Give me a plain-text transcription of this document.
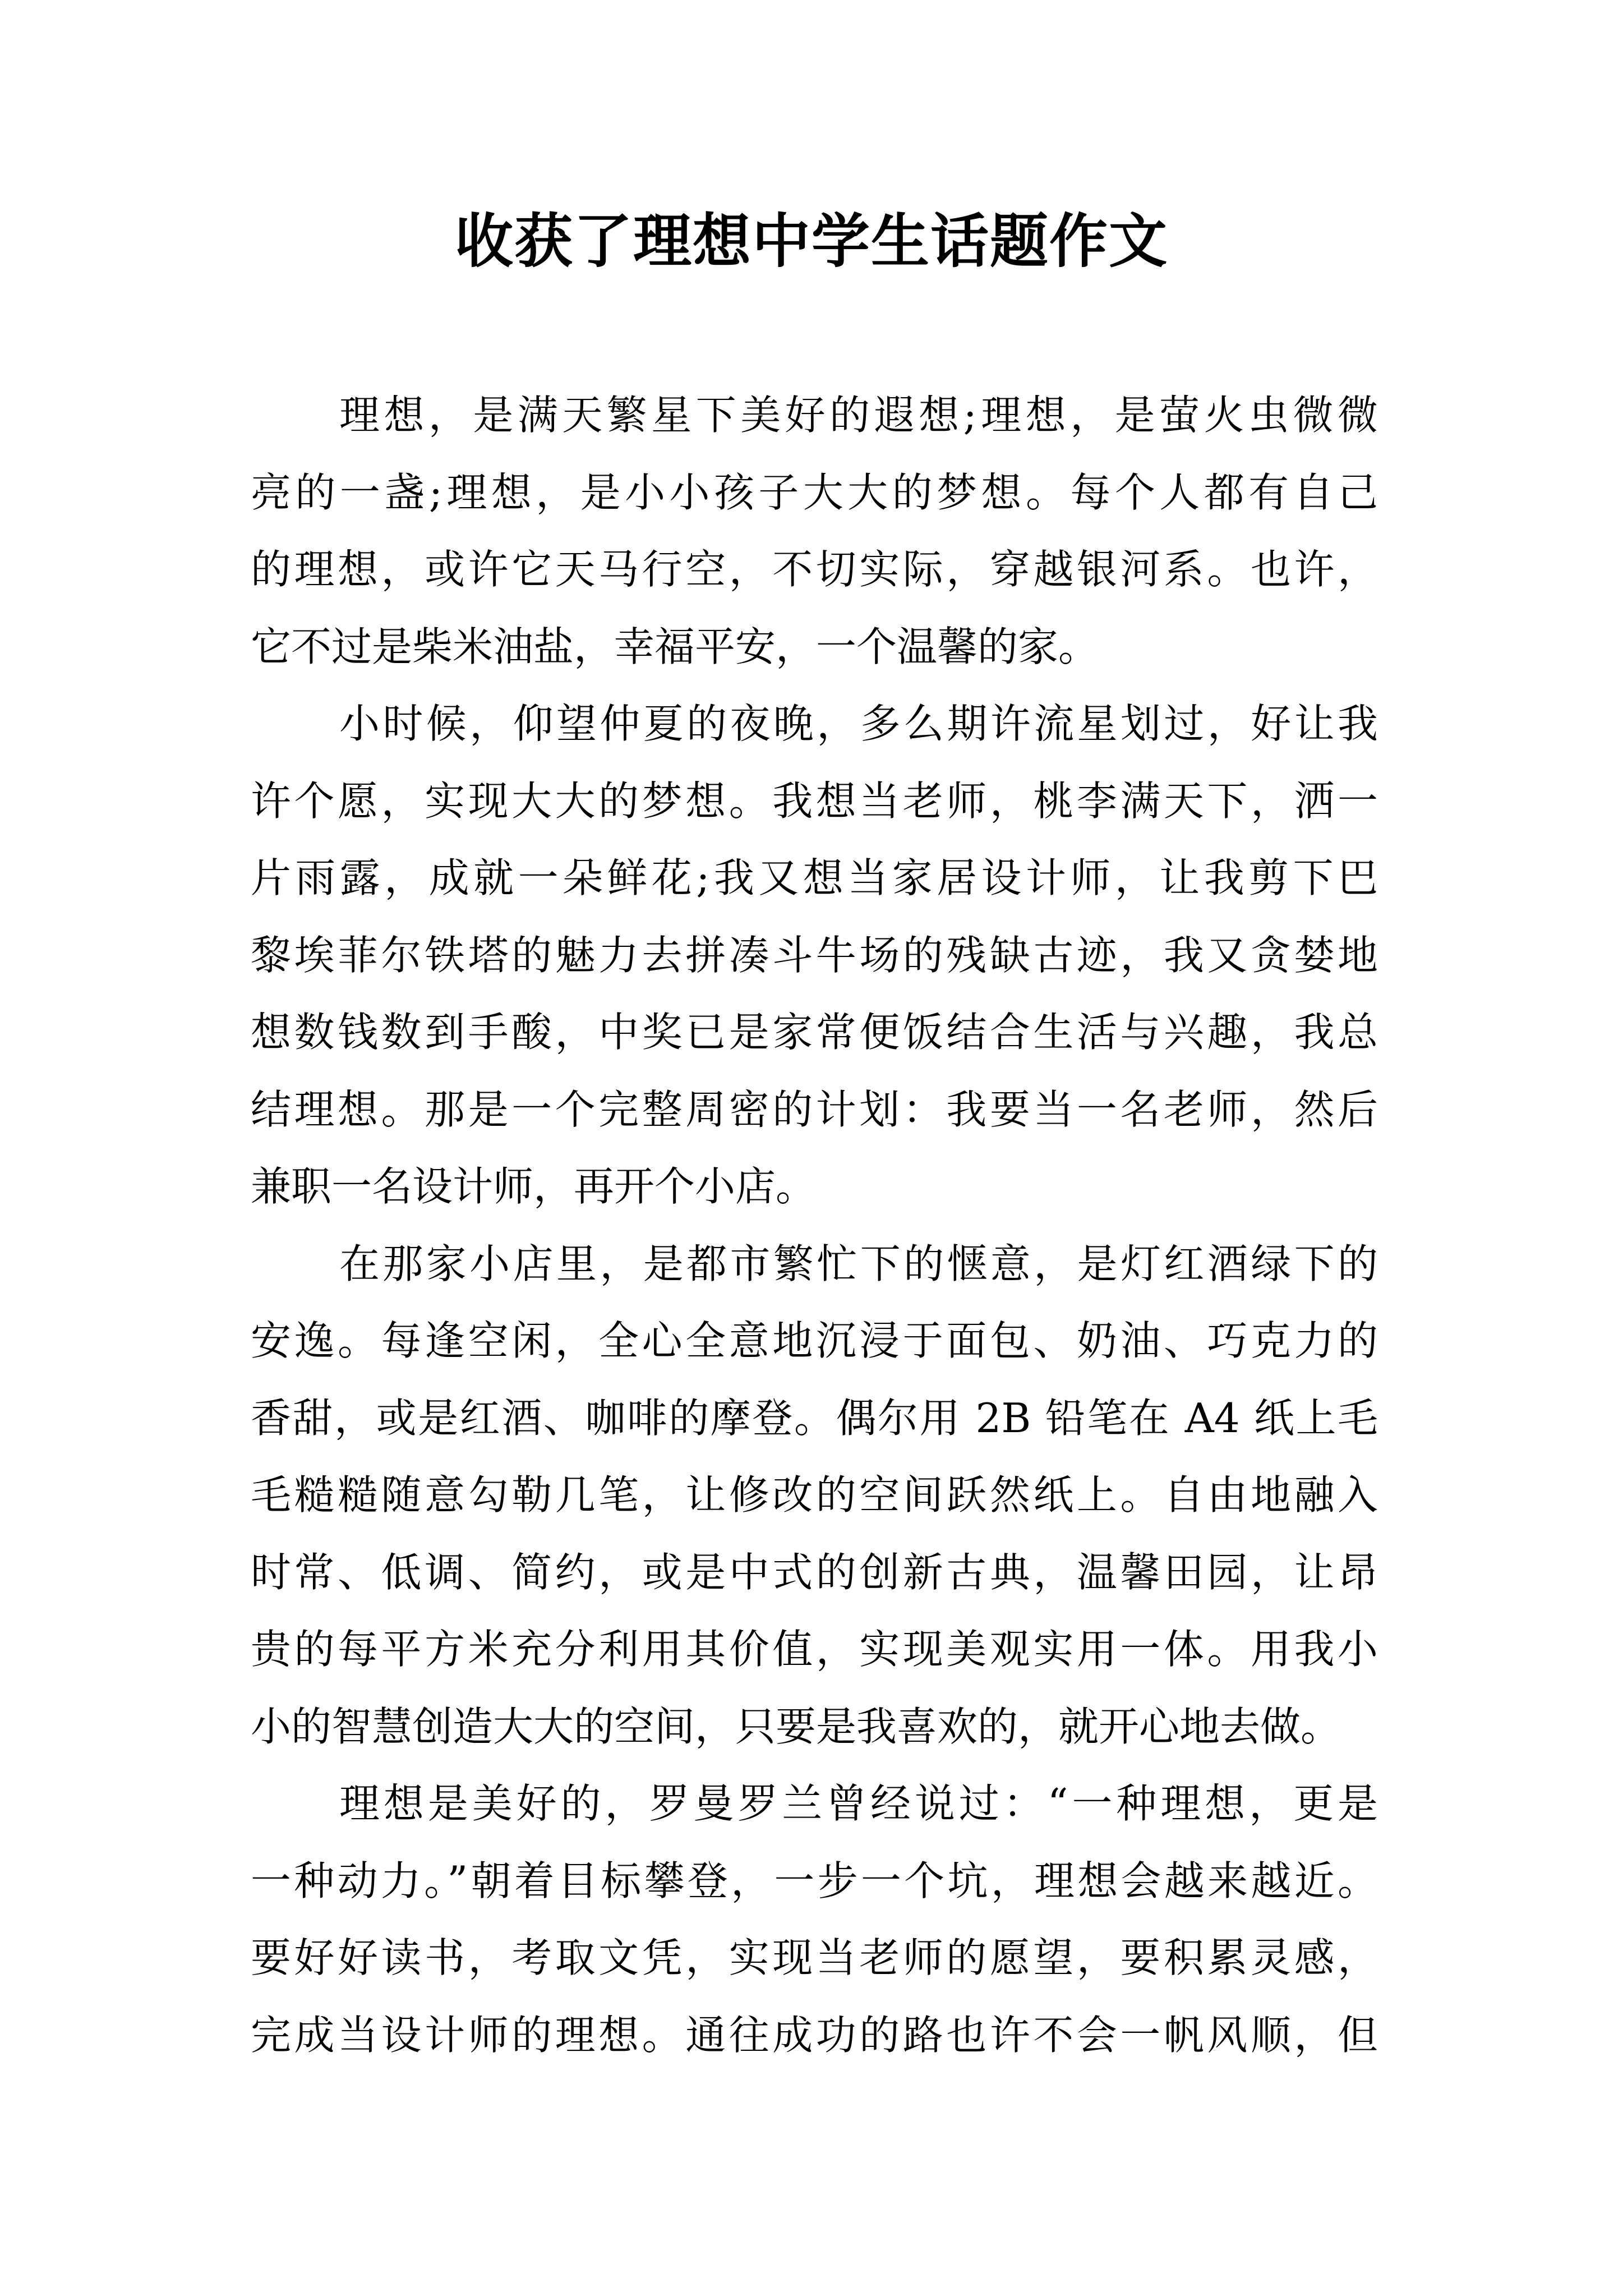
收获了理想中学生话题作文
理想，是满天繁星下美好的遐想;理想，是萤火虫微微
亮的一盏;理想，是小小孩子大大的梦想。每个人都有自己
的理想，或许它天马行空，不切实际，穿越银河系。也许，
它不过是柴米油盐，幸福平安，一个温馨的家。
小时候，仰望仲夏的夜晚，多么期许流星划过，好让我
许个愿，实现大大的梦想。我想当老师，桃李满天下，洒一
片雨露，成就一朵鲜花;我又想当家居设计师，让我剪下巴
黎埃菲尔铁塔的魅力去拼凑斗牛场的残缺古迹，我又贪婪地
想数钱数到手酸，中奖已是家常便饭结合生活与兴趣，我总
结理想。那是一个完整周密的计划：我要当一名老师，然后
兼职一名设计师，再开个小店。
在那家小店里，是都市繁忙下的惬意，是灯红酒绿下的
安逸。每逢空闲，全心全意地沉浸于面包、奶油、巧克力的
香甜，或是红酒、咖啡的摩登。偶尔用 2B 铅笔在 A4 纸上毛
毛糙糙随意勾勒几笔，让修改的空间跃然纸上。自由地融入
时常、低调、简约，或是中式的创新古典，温馨田园，让昂
贵的每平方米充分利用其价值，实现美观实用一体。用我小
小的智慧创造大大的空间，只要是我喜欢的，就开心地去做。
理想是美好的，罗曼罗兰曾经说过：“一种理想，更是
一种动力。”朝着目标攀登，一步一个坑，理想会越来越近。
要好好读书，考取文凭，实现当老师的愿望，要积累灵感，
完成当设计师的理想。通往成功的路也许不会一帆风顺，但
